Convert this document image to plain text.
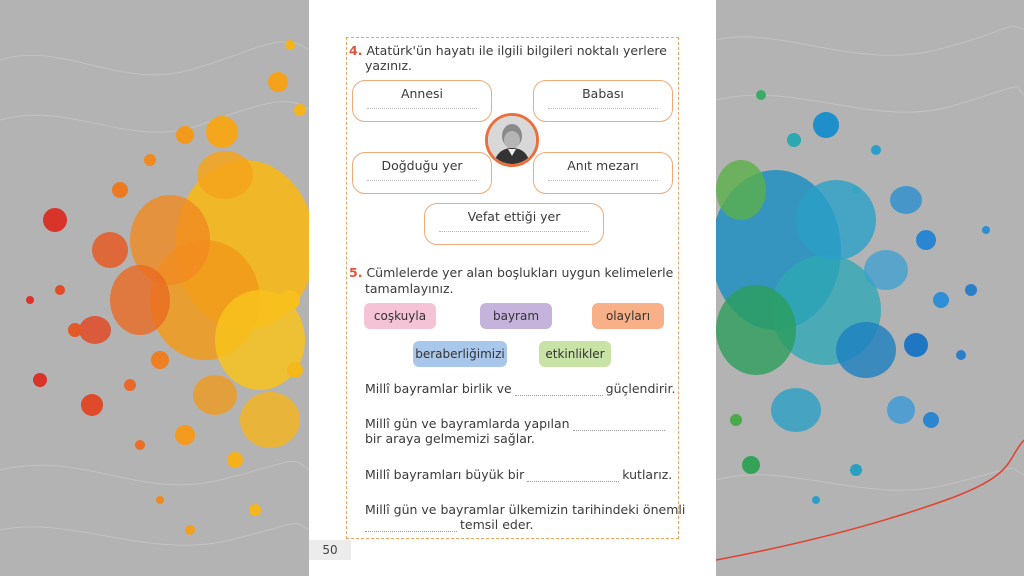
4. Atatürk'ün hayatı ile ilgili bilgileri noktalı yerlere
yazınız.
Annesi	Babası
Doğduğu yer	Anıt mezarı
Vefat ettiği yer
5. Cümlelerde yer alan boşlukları uygun kelimelerle
tamamlayınız.
coşkuyla	bayram	olayları
beraberliğimizi	etkinlikler
Millî bayramlar birlik ve	güçlendirir.
Millî gün ve bayramlarda yapılan
bir araya gelmemizi sağlar.
Millî bayramları büyük bir	kutlarız.
Millî gün ve bayramlar ülkemizin tarihindeki önemli
temsil eder.
50
